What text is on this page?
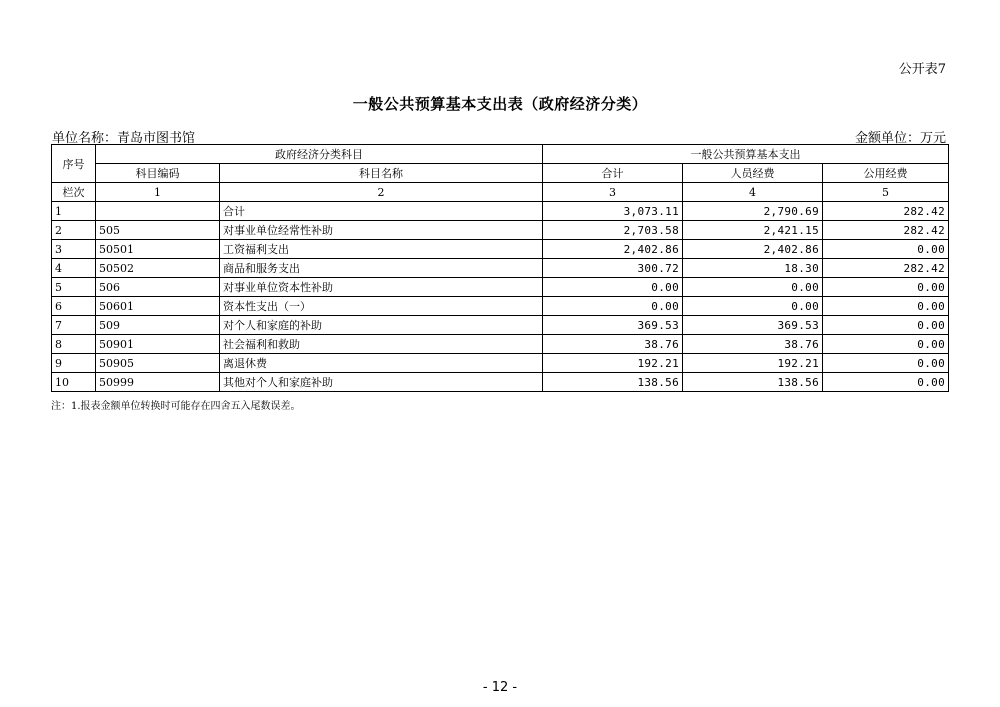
公开表7
一般公共预算基本支出表（政府经济分类）
单位名称：青岛市图书馆	金额单位：万元
序号	政府经济分类科目		一般公共预算基本支出		
	科目编码	科目名称	合计	人员经费	公用经费
栏次	1	2	3	4	5
1		合计	3,073.11	2,790.69	282.42
2	505	对事业单位经常性补助	2,703.58	2,421.15	282.42
3	50501	工资福利支出	2,402.86	2,402.86	0.00
4	50502	商品和服务支出	300.72	18.30	282.42
5	506	对事业单位资本性补助	0.00	0.00	0.00
6	50601	资本性支出（一）	0.00	0.00	0.00
7	509	对个人和家庭的补助	369.53	369.53	0.00
8	50901	社会福利和救助	38.76	38.76	0.00
9	50905	离退休费	192.21	192.21	0.00
10	50999	其他对个人和家庭补助	138.56	138.56	0.00
注：1.报表金额单位转换时可能存在四舍五入尾数误差。
- 12 -
